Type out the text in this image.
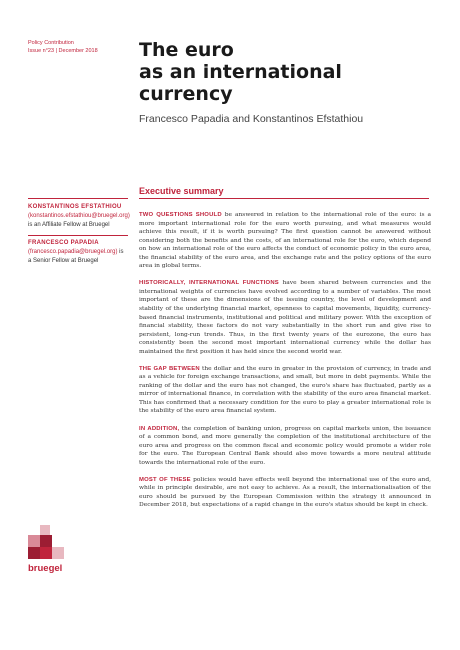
Policy Contribution
Issue n°23 | December 2018	The euro
as an international currency
Francesco Papadia and Konstantinos Efstathiou
Executive summary
KONSTANTINOS EFSTATHIOU (konstantinos.efstathiou@bruegel.org) is an Affiliate Fellow at Bruegel
FRANCESCO PAPADIA (francesco.papadia@bruegel.org) is a Senior Fellow at Bruegel

TWO QUESTIONS SHOULD be answered in relation to the international role of the euro: is a more important international role for the euro worth pursuing, and what measures would achieve this result, if it is worth pursuing? The first question cannot be answered without considering both the benefits and the costs, of an international role for the euro, which depend on how an international role of the euro affects the conduct of economic policy in the euro area, the financial stability of the euro area, and the exchange rate and the policy options of the euro area in global terms.

HISTORICALLY, INTERNATIONAL FUNCTIONS have been shared between currencies and the international weights of currencies have evolved according to a number of variables. The most important of these are the dimensions of the issuing country, the level of development and stability of the underlying financial market, openness to capital movements, liquidity, currency-based financial instruments, institutional and political and military power. With the exception of financial stability, these factors do not vary substantially in the short run and give rise to persistent, long-run trends. Thus, in the first twenty years of the eurozone, the euro has consistently been the second most important international currency while the dollar has maintained the first position it has held since the second world war.

THE GAP BETWEEN the dollar and the euro in greater in the provision of currency, in trade and as a vehicle for foreign exchange transactions, and small, but more in debt payments. While the ranking of the dollar and the euro has not changed, the euro's share has fluctuated, partly as a mirror of international finance, in correlation with the stability of the euro area financial market. This has confirmed that a necessary condition for the euro to play a greater international role is the stability of the euro area financial system.

IN ADDITION, the completion of banking union, progress on capital markets union, the issuance of a common bond, and more generally the completion of the institutional architecture of the euro area and progress on the common fiscal and economic policy would promote a wider role for the euro. The European Central Bank should also move towards a more neutral attitude towards the international role of the euro.

MOST OF THESE policies would have effects well beyond the international use of the euro and, while in principle desirable, are not easy to achieve. As a result, the internationalisation of the euro should be pursued by the European Commission within the strategy it announced in December 2018, but expectations of a rapid change in the euro's status should be kept in check.

bruegel
